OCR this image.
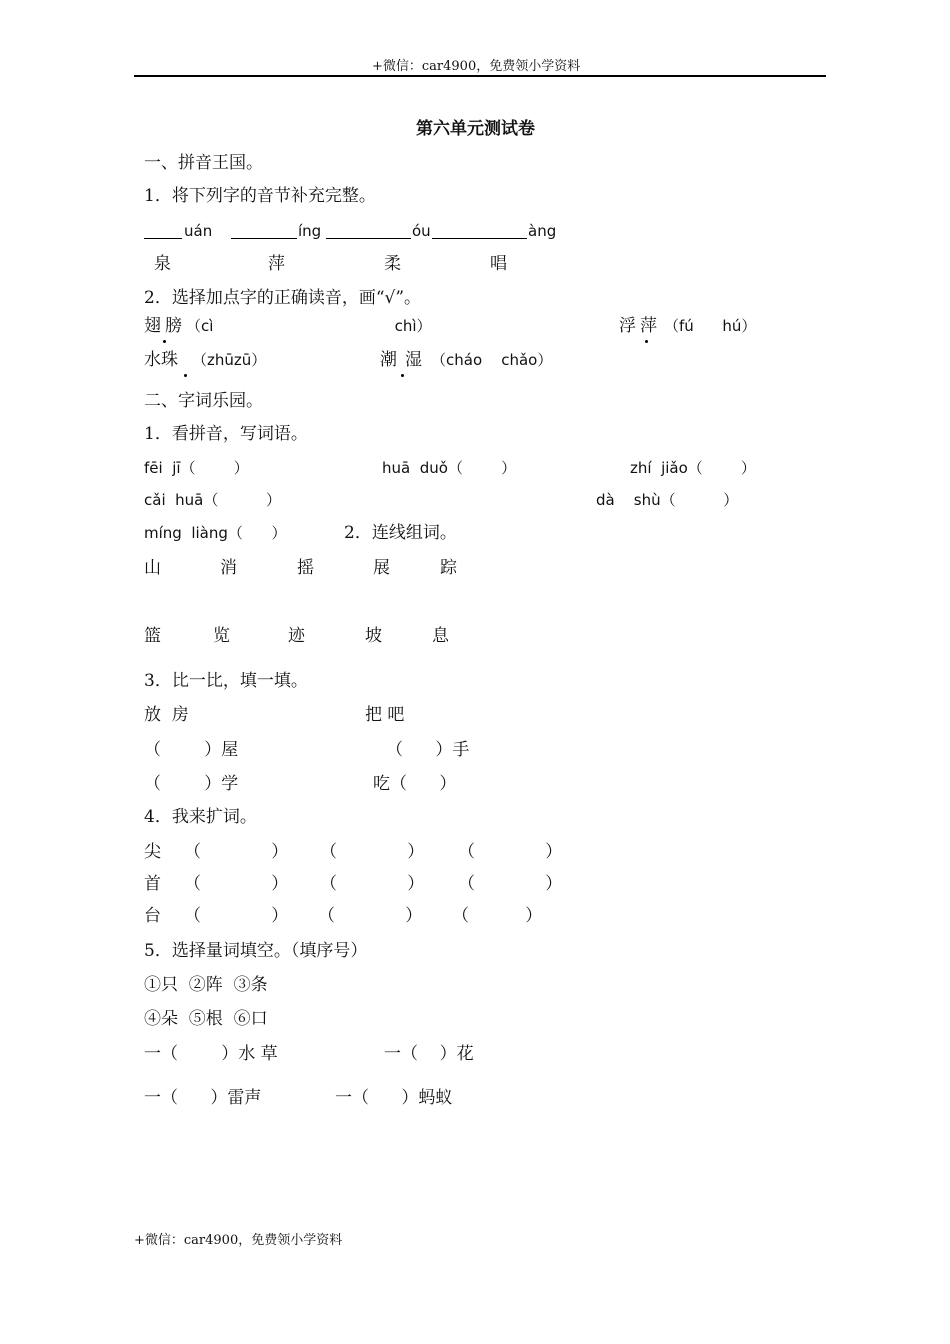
+微信：car4900，免费领小学资料
第六单元测试卷
一、拼音王国。
1．将下列字的音节补充完整。
uán	íng	óu	àng
泉	萍	柔	唱
2．选择加点字的正确读音，画“√”。
翅膀 （cì                                      chì）	浮萍 （fú      hú）
水珠 （zhūzū）	潮湿 （cháo    chǎo）
二、字词乐园。
1．看拼音，写词语。
fēi  jī（        ）	huā  duǒ（        ）	zhí  jiǎo（        ）
cǎi  huā（          ）	dà    shù（          ）
míng  liàng（      ）	2．连线组词。
山	消	摇	展	踪
篮	览	迹	坡	息
3．比一比，填一填。
放  房	把 吧
（        ）屋	（      ）手
（        ）学	吃（      ）
4．我来扩词。
尖 （             ） （             ） （             ）
首 （             ） （             ） （             ）
台 （             ） （             ） （             ）
5．选择量词填空。（填序号）
①只  ②阵  ③条
④朵  ⑤根  ⑥口
一（        ）水 草	一（    ）花
一（      ）雷声	一（      ）蚂蚁
+微信：car4900，免费领小学资料
